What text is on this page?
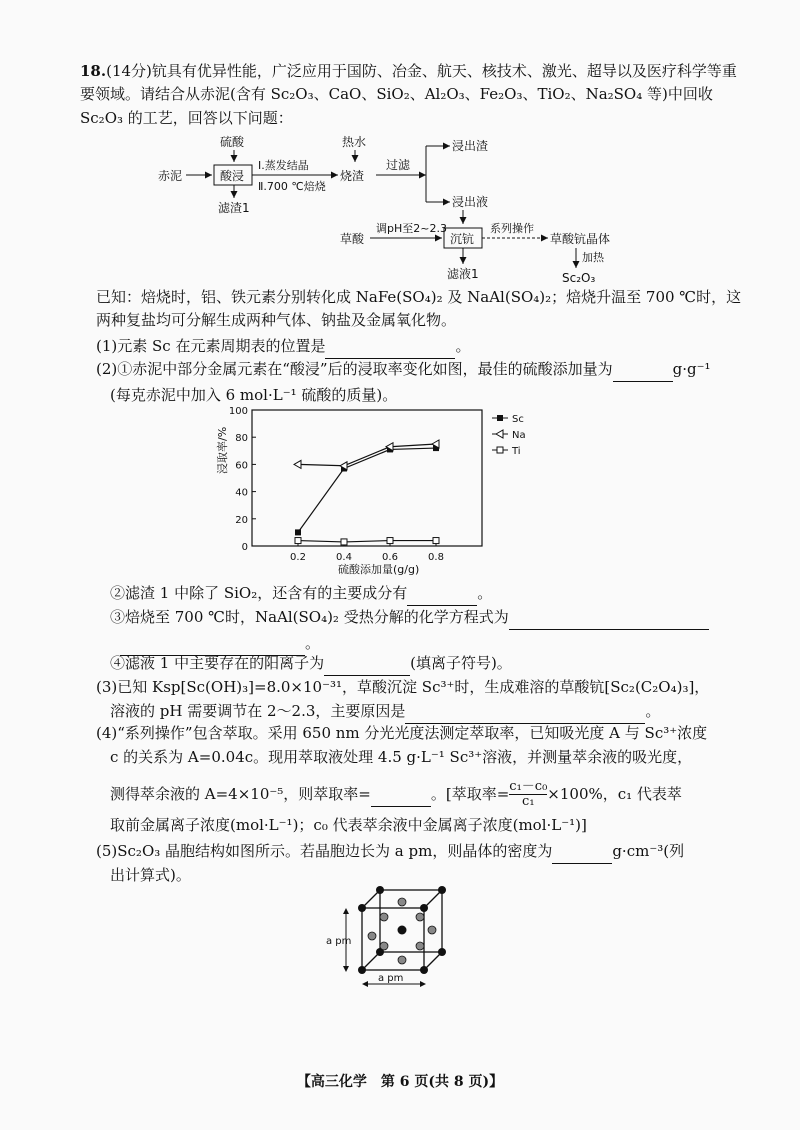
18.(14分)钪具有优异性能，广泛应用于国防、冶金、航天、核技术、激光、超导以及医疗科学等重要领域。请结合从赤泥(含有 Sc₂O₃、CaO、SiO₂、Al₂O₃、Fe₂O₃、TiO₂、Na₂SO₄ 等)中回收 Sc₂O₃ 的工艺，回答以下问题：

硫酸
赤泥	酸浸
滤渣1
Ⅰ.蒸发结晶
Ⅱ.700 ℃焙烧
热水
烧渣
过滤
浸出渣
浸出液
草酸
调pH至2~2.3
沉钪
系列操作
草酸钪晶体
加热
Sc₂O₃
滤液1

已知：焙烧时，铝、铁元素分别转化成 NaFe(SO₄)₂ 及 NaAl(SO₄)₂；焙烧升温至 700 ℃时，这两种复盐均可分解生成两种气体、钠盐及金属氧化物。

(1)元素 Sc 在元素周期表的位置是	。

(2)①赤泥中部分金属元素在“酸浸”后的浸取率变化如图，最佳的硫酸添加量为	g·g⁻¹

(每克赤泥中加入 6 mol·L⁻¹ 硫酸的质量)。

0
20
40
60
80
100
0.2	0.4	0.6	0.8
Sc
Na
Ti
浸取率/%
硫酸添加量(g/g)

②滤渣 1 中除了 SiO₂，还含有的主要成分有	。

③焙烧至 700 ℃时，NaAl(SO₄)₂ 受热分解的化学方程式为

。

④滤液 1 中主要存在的阳离子为	(填离子符号)。

(3)已知 Ksp[Sc(OH)₃]=8.0×10⁻³¹，草酸沉淀 Sc³⁺时，生成难溶的草酸钪[Sc₂(C₂O₄)₃]，

溶液的 pH 需要调节在 2～2.3，主要原因是	。

(4)“系列操作”包含萃取。采用 650 nm 分光光度法测定萃取率，已知吸光度 A 与 Sc³⁺浓度

c 的关系为 A=0.04c。现用萃取液处理 4.5 g·L⁻¹ Sc³⁺溶液，并测量萃余液的吸光度，

测得萃余液的 A=4×10⁻⁵，则萃取率=	。[萃取率= $\frac{\text{c₁－c₀}}{\text{c₁}} \times 100\%$，c₁ 代表萃

取前金属离子浓度(mol·L⁻¹)；c₀ 代表萃余液中金属离子浓度(mol·L⁻¹)]

(5)Sc₂O₃ 晶胞结构如图所示。若晶胞边长为 a pm，则晶体的密度为	g·cm⁻³(列

出计算式)。

a pm
a pm
【高三化学　第 6 页(共 8 页)】
